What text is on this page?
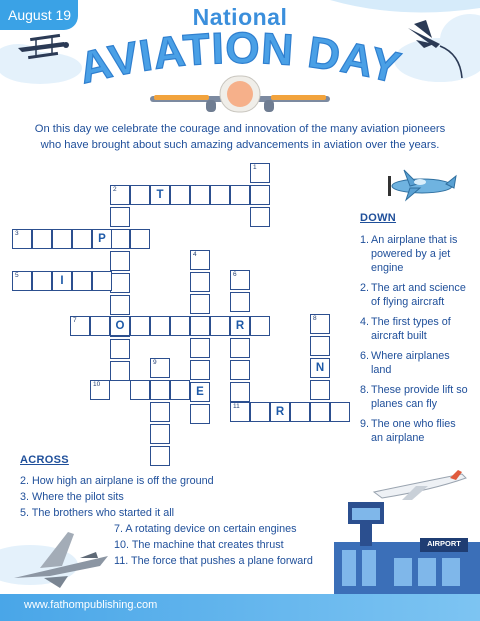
August 19	National
AVIATION DAY
On this day we celebrate the courage and innovation of the many aviation pioneers who have brought about such amazing advancements in aviation over the years.
1
2	T
3	P
5	I
4
E
6
7	O	R
8
N
9
10
11	R
DOWN
1. An airplane that is powered by a jet engine
2. The art and science of flying aircraft
4. The first types of aircraft built
6. Where airplanes land
8. These provide lift so planes can fly
9. The one who flies an airplane
ACROSS
2. How high an airplane is off the ground
3. Where the pilot sits
5. The brothers who started it all
7. A rotating device on certain engines
10. The machine that creates thrust
11. The force that pushes a plane forward
AIRPORT
www.fathompublishing.com
